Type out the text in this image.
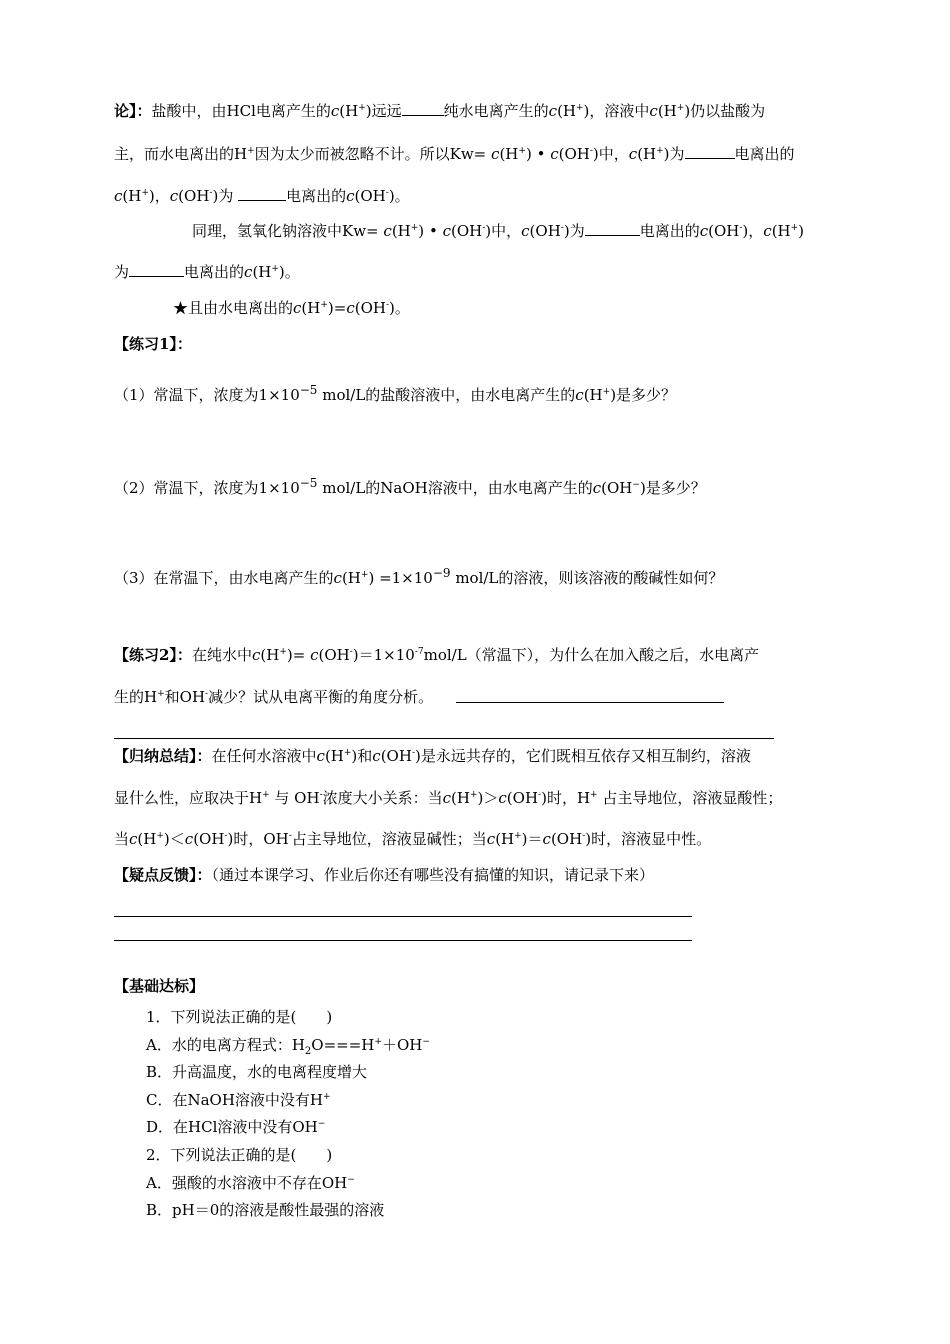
论】：盐酸中，由HCl电离产生的c(H+)远远	纯水电离产生的c(H+)，溶液中c(H+)仍以盐酸为
主，而水电离出的H+因为太少而被忽略不计。所以Kw= c(H+) • c(OH-)中，c(H+)为	电离出的
c(H+)，c(OH-)为	电离出的c(OH-)。
同理，氢氧化钠溶液中Kw= c(H+) • c(OH-)中，c(OH-)为	电离出的c(OH-)，c(H+)
为	电离出的c(H+)。
★且由水电离出的c(H+)=c(OH-)。
【练习1】：
（1）常温下，浓度为$1\times 10^{-5}$ mol/L的盐酸溶液中，由水电离产生的c(H+)是多少？
（2）常温下，浓度为$1\times 10^{-5}$ mol/L的NaOH溶液中，由水电离产生的c(OH−)是多少？
（3）在常温下，由水电离产生的$c(H^+) =1\times 10^{-9}$ mol/L的溶液，则该溶液的酸碱性如何？
【练习2】：在纯水中$c(H^+)= c(OH^-)=1\times 10^{-7}mol/L$（常温下），为什么在加入酸之后，水电离产
生的H+和OH-减少？试从电离平衡的角度分析。
【归纳总结】：在任何水溶液中c(H+)和c(OH-)是永远共存的，它们既相互依存又相互制约，溶液
显什么性，应取决于H+ 与 OH-浓度大小关系：当c(H+)＞c(OH-)时，H+ 占主导地位，溶液显酸性；
当c(H+)＜c(OH-)时，OH-占主导地位，溶液显碱性；当c(H+)＝c(OH-)时，溶液显中性。
【疑点反馈】：（通过本课学习、作业后你还有哪些没有搞懂的知识，请记录下来）
【基础达标】
1．下列说法正确的是(　　)
A．水的电离方程式：$H_2O===H^++OH^-$
B．升高温度，水的电离程度增大
C．在NaOH溶液中没有H+
D．在HCl溶液中没有OH−
2．下列说法正确的是(　　)
A．强酸的水溶液中不存在OH−
B．pH＝0的溶液是酸性最强的溶液
